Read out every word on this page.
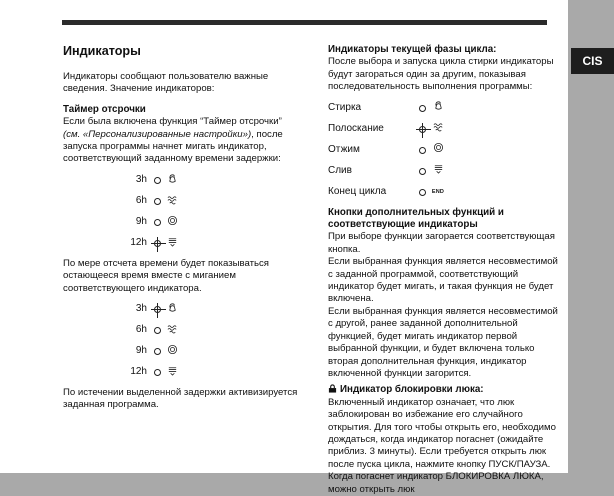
Индикаторы

Индикаторы сообщают пользователю важные сведения. Значение индикаторов:

Таймер отсрочки

Если была включена функция “Таймер отсрочки” (см. «Персонализированные настройки»), после запуска программы начнет мигать индикатор, соответствующий заданному времени задержки:

3h
6h
9h
12h

По мере отсчета времени будет показываться остающееся время вместе с миганием соответствующего индикатора.

3h
6h
9h
12h

По истечении выделенной задержки активизируется заданная программа.

Индикаторы текущей фазы цикла:

После выбора и запуска цикла стирки индикаторы будут загораться один за другим, показывая последовательность выполнения программы:

Стирка
Полоскание
Отжим
Слив
Конец цикла	END
Кнопки дополнительных функций и соответствующие индикаторы

При выборе функции загорается соответствующая кнопка.

Если выбранная функция является несовместимой с заданной программой, соответствующий индикатор будет мигать, и такая функция не будет включена.

Если выбранная функция является несовместимой с другой, ранее заданной дополнительной функцией, будет мигать индикатор первой выбранной функции, и будет включена только вторая дополнительная функция, индикатор включенной функции загорится.

Индикатор блокировки люка:

Включенный индикатор означает, что люк заблокирован во избежание его случайного открытия. Для того чтобы открыть его, необходимо дождаться, когда индикатор погаснет (ожидайте приблиз. 3 минуты). Если требуется открыть люк после пуска цикла, нажмите кнопку ПУСК/ПАУЗА. Когда погаснет индикатор БЛОКИРОВКА ЛЮКА, можно открыть люк

CIS
